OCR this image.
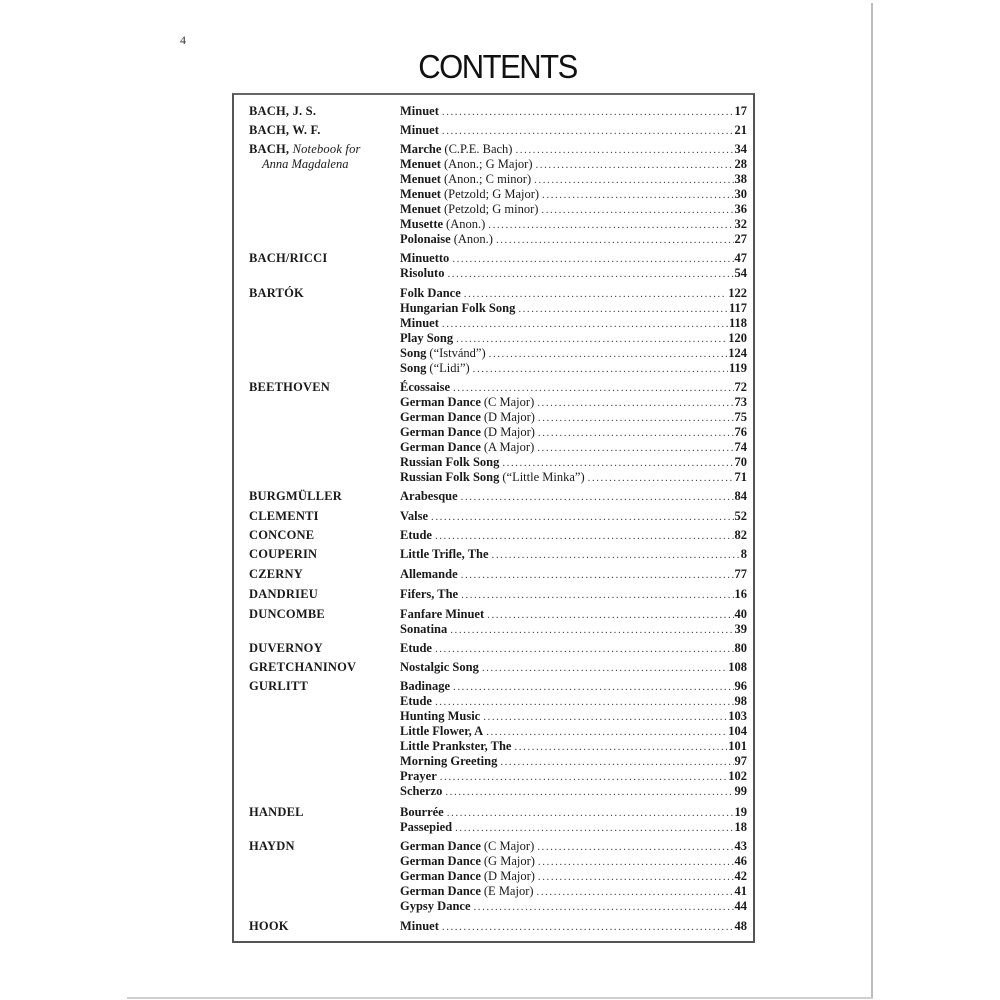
4
CONTENTS
BACH, J. S.	Minuet . . .	17
BACH, W. F.	Minuet . . .	21
BACH, Notebook for
Anna Magdalena
Marche (C.P.E. Bach) . . .	34
Menuet (Anon.; G Major) . . .	28
Menuet (Anon.; C minor) . . .	38
Menuet (Petzold; G Major) . . .	30
Menuet (Petzold; G minor) . . .	36
Musette (Anon.) . . .	32
Polonaise (Anon.) . . .	27
BACH/RICCI	Minuetto . . .	47
Risoluto . . .	54
BARTÓK	Folk Dance . . .	122
Hungarian Folk Song . . .	117
Minuet . . .	118
Play Song . . .	120
Song (“Istvánd”) . . .	124
Song (“Lidi”) . . .	119
BEETHOVEN	Écossaise . . .	72
German Dance (C Major) . . .	73
German Dance (D Major) . . .	75
German Dance (D Major) . . .	76
German Dance (A Major) . . .	74
Russian Folk Song . . .	70
Russian Folk Song (“Little Minka”) . . .	71
BURGMÜLLER	Arabesque . . .	84
CLEMENTI	Valse . . .	52
CONCONE	Etude . . .	82
COUPERIN	Little Trifle, The . . .	8
CZERNY	Allemande . . .	77
DANDRIEU	Fifers, The . . .	16
DUNCOMBE	Fanfare Minuet . . .	40
Sonatina . . .	39
DUVERNOY	Etude . . .	80
GRETCHANINOV	Nostalgic Song . . .	108
GURLITT	Badinage . . .	96
Etude . . .	98
Hunting Music . . .	103
Little Flower, A . . .	104
Little Prankster, The . . .	101
Morning Greeting . . .	97
Prayer . . .	102
Scherzo . . .	99
HANDEL	Bourrée . . .	19
Passepied . . .	18
HAYDN	German Dance (C Major) . . .	43
German Dance (G Major) . . .	46
German Dance (D Major) . . .	42
German Dance (E Major) . . .	41
Gypsy Dance . . .	44
HOOK	Minuet . . .	48
